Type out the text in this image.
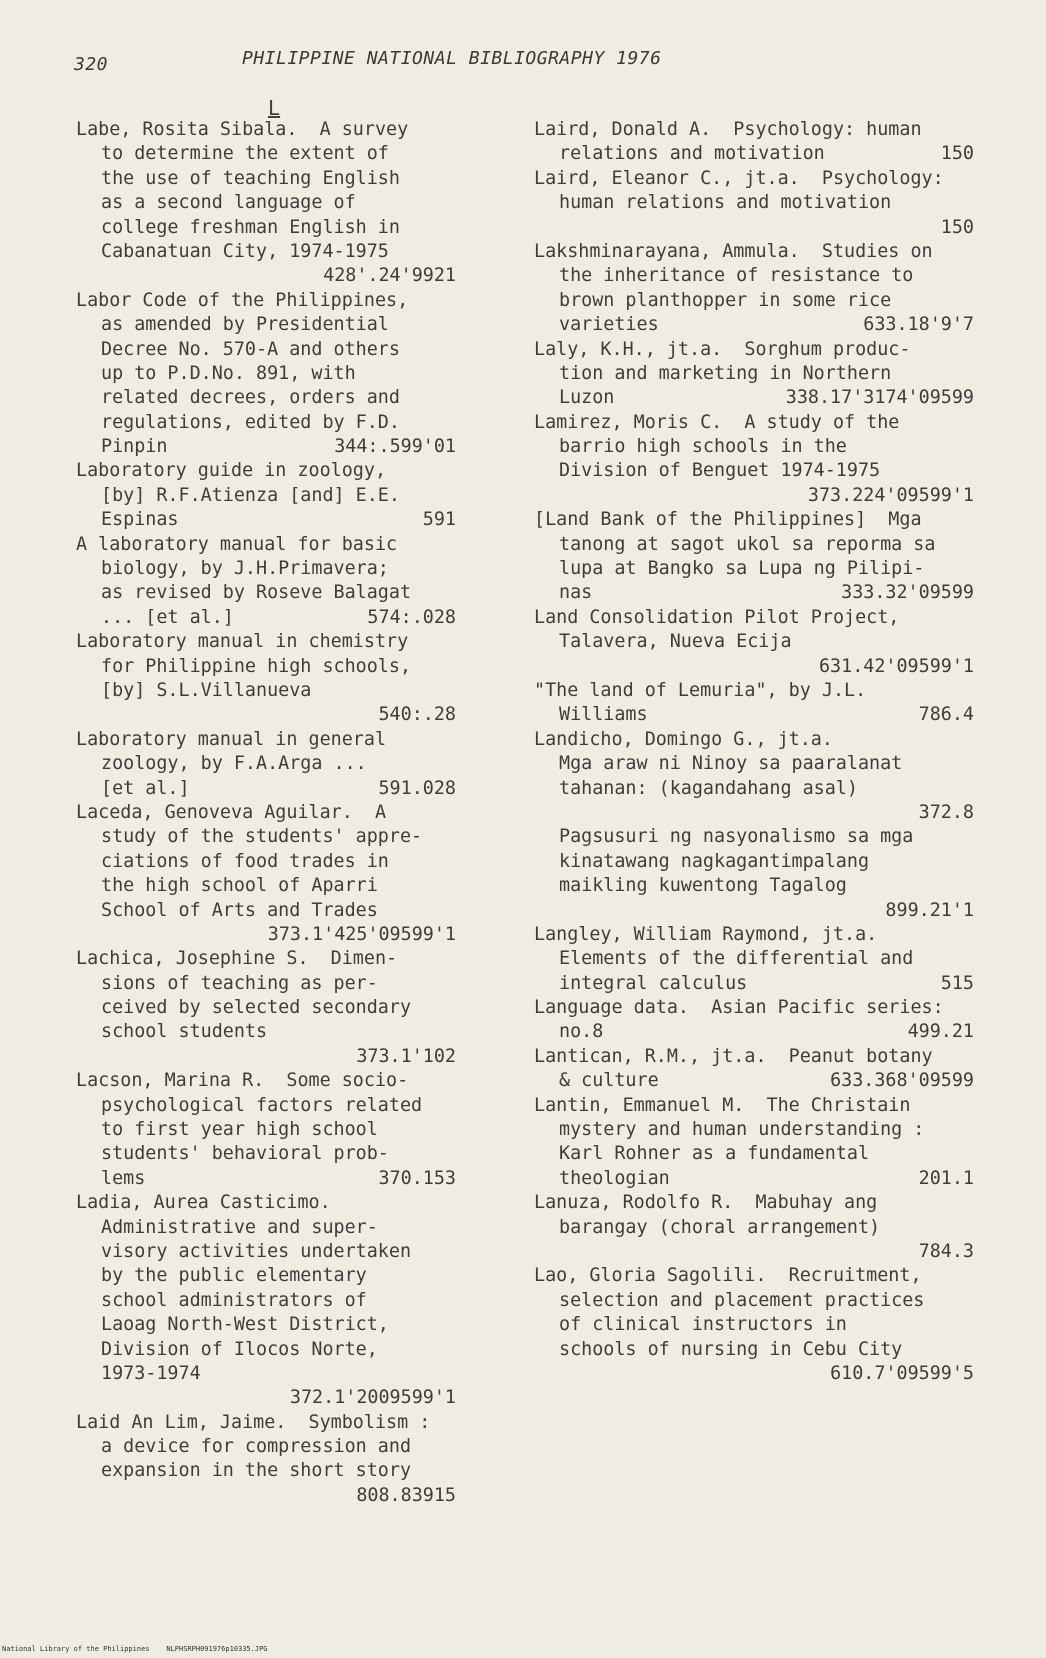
320	PHILIPPINE NATIONAL BIBLIOGRAPHY 1976
L
Labe, Rosita Sibala.  A survey
to determine the extent of
the use of teaching English
as a second language of
college freshman English in
Cabanatuan City, 1974-1975
428'.24'9921
Labor Code of the Philippines,
as amended by Presidential
Decree No. 570-A and others
up to P.D.No. 891, with
related decrees, orders and
regulations, edited by F.D.
Pinpin	344:.599'01
Laboratory guide in zoology,
[by] R.F.Atienza [and] E.E.
Espinas	591
A laboratory manual for basic
biology, by J.H.Primavera;
as revised by Roseve Balagat
... [et al.]	574:.028
Laboratory manual in chemistry
for Philippine high schools,
[by] S.L.Villanueva
540:.28
Laboratory manual in general
zoology, by F.A.Arga ...
[et al.]	591.028
Laceda, Genoveva Aguilar.  A
study of the students' appre-
ciations of food trades in
the high school of Aparri
School of Arts and Trades
373.1'425'09599'1
Lachica, Josephine S.  Dimen-
sions of teaching as per-
ceived by selected secondary
school students
373.1'102
Lacson, Marina R.  Some socio-
psychological factors related
to first year high school
students' behavioral prob-
lems	370.153
Ladia, Aurea Casticimo.
Administrative and super-
visory activities undertaken
by the public elementary
school administrators of
Laoag North-West District,
Division of Ilocos Norte,
1973-1974
372.1'2009599'1
Laid An Lim, Jaime.  Symbolism :
a device for compression and
expansion in the short story
808.83915
Laird, Donald A.  Psychology: human
relations and motivation	150
Laird, Eleanor C., jt.a.  Psychology:
human relations and motivation
150
Lakshminarayana, Ammula.  Studies on
the inheritance of resistance to
brown planthopper in some rice
varieties	633.18'9'7
Laly, K.H., jt.a.  Sorghum produc-
tion and marketing in Northern
Luzon	338.17'3174'09599
Lamirez, Moris C.  A study of the
barrio high schools in the
Division of Benguet 1974-1975
373.224'09599'1
[Land Bank of the Philippines]  Mga
tanong at sagot ukol sa reporma sa
lupa at Bangko sa Lupa ng Pilipi-
nas	333.32'09599
Land Consolidation Pilot Project,
Talavera, Nueva Ecija
631.42'09599'1
"The land of Lemuria", by J.L.
Williams	786.4
Landicho, Domingo G., jt.a.
Mga araw ni Ninoy sa paaralanat
tahanan: (kagandahang asal)
372.8
Pagsusuri ng nasyonalismo sa mga
kinatawang nagkagantimpalang
maikling kuwentong Tagalog
899.21'1
Langley, William Raymond, jt.a.
Elements of the differential and
integral calculus	515
Language data.  Asian Pacific series:
no.8	499.21
Lantican, R.M., jt.a.  Peanut botany
& culture	633.368'09599
Lantin, Emmanuel M.  The Christain
mystery and human understanding :
Karl Rohner as a fundamental
theologian	201.1
Lanuza, Rodolfo R.  Mabuhay ang
barangay (choral arrangement)
784.3
Lao, Gloria Sagolili.  Recruitment,
selection and placement practices
of clinical instructors in
schools of nursing in Cebu City
610.7'09599'5
National Library of the Philippines    NLPHSRPH091976p10335.JPG
